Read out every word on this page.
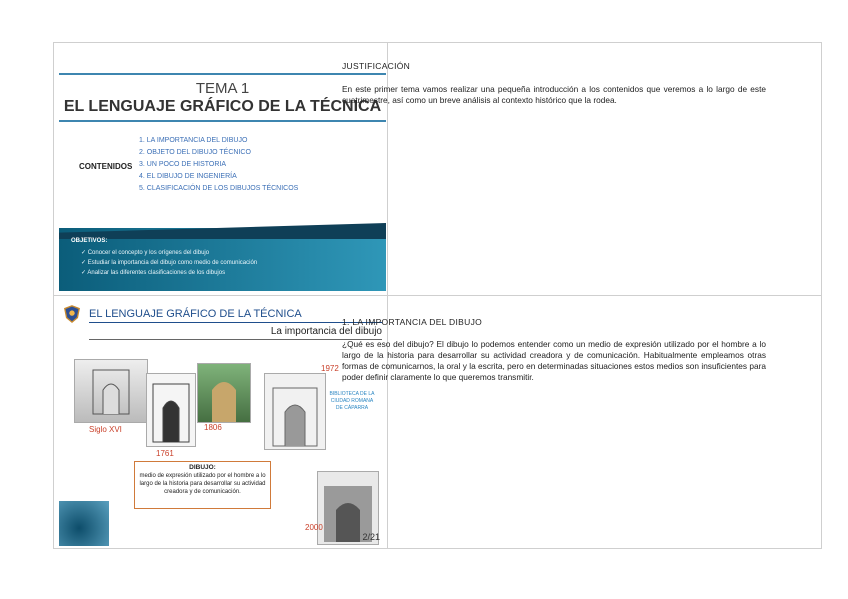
TEMA 1
EL LENGUAJE GRÁFICO DE LA TÉCNICA
CONTENIDOS
1. LA IMPORTANCIA DEL DIBUJO
2. OBJETO DEL DIBUJO TÉCNICO
3. UN POCO DE HISTORIA
4. EL DIBUJO DE INGENIERÍA
5. CLASIFICACIÓN DE LOS DIBUJOS TÉCNICOS
OBJETIVOS:
✓ Conocer el concepto y los orígenes del dibujo
✓ Estudiar la importancia del dibujo como medio de comunicación
✓ Analizar las diferentes clasificaciones de los dibujos
EL LENGUAJE GRÁFICO DE LA TÉCNICA
La importancia del dibujo
Siglo XVI
1761
1806
1972
2000
BIBLIOTECA DE LA CIUDAD ROMANA DE CÁPARRA
DIBUJO:
medio de expresión utilizado por el hombre a lo largo de la historia para desarrollar su actividad creadora y de comunicación.
2/21
JUSTIFICACIÓN
En este primer tema vamos realizar una pequeña introducción a los contenidos que veremos a lo largo de este cuatrimestre, así como un breve análisis al contexto histórico que la rodea.
1. LA IMPORTANCIA DEL DIBUJO
¿Qué es eso del dibujo? El dibujo lo podemos entender como un medio de expresión utilizado por el hombre a lo largo de la historia para desarrollar su actividad creadora y de comunicación. Habitualmente empleamos otras formas de comunicarnos, la oral y la escrita, pero en determinadas situaciones estos medios son insuficientes para poder definir claramente lo que queremos transmitir.
